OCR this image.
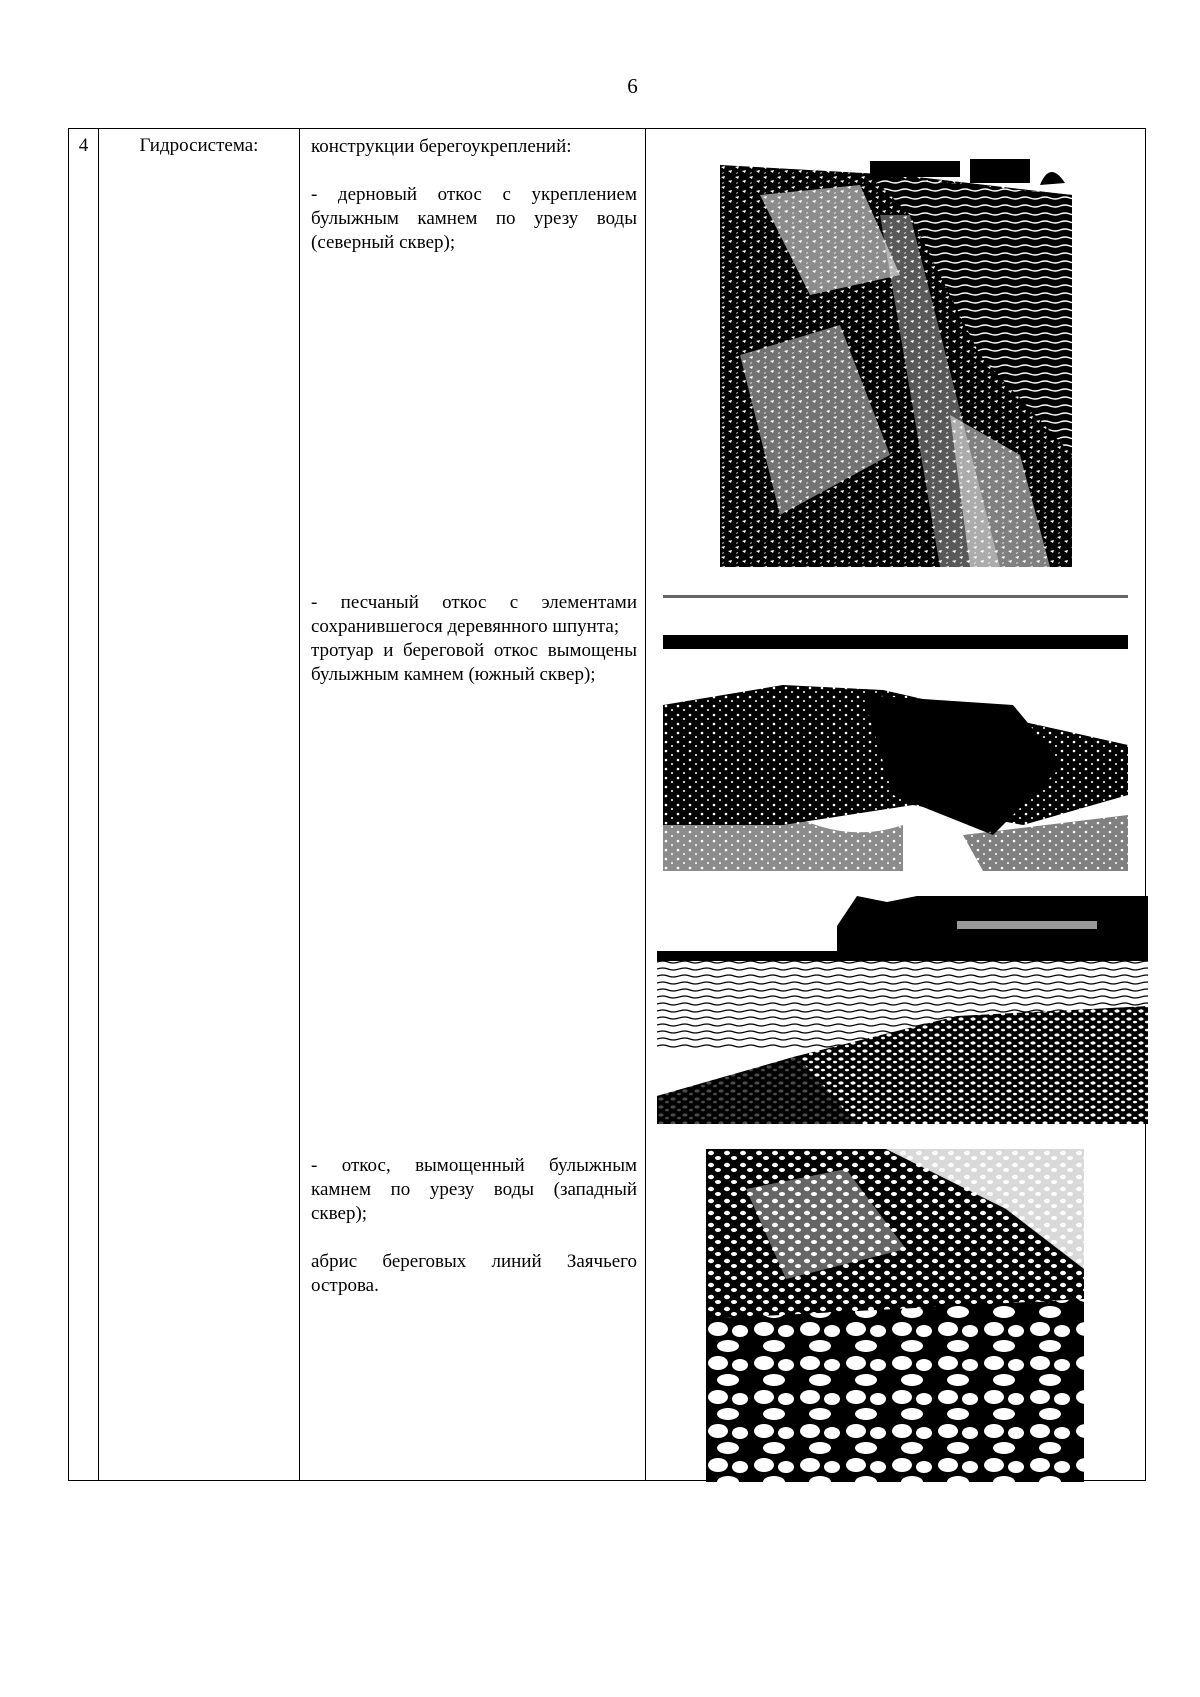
6
4	Гидросистема:	конструкции берегоукреплений:
- дерновый откос с укреплением булыжным камнем по урезу воды (северный сквер);

- песчаный откос с элементами сохранившегося деревянного шпунта;

тротуар и береговой откос вымощены булыжным камнем (южный сквер);

- откос, вымощенный булыжным камнем по урезу воды (западный сквер);

абрис береговых линий Заячьего острова.
